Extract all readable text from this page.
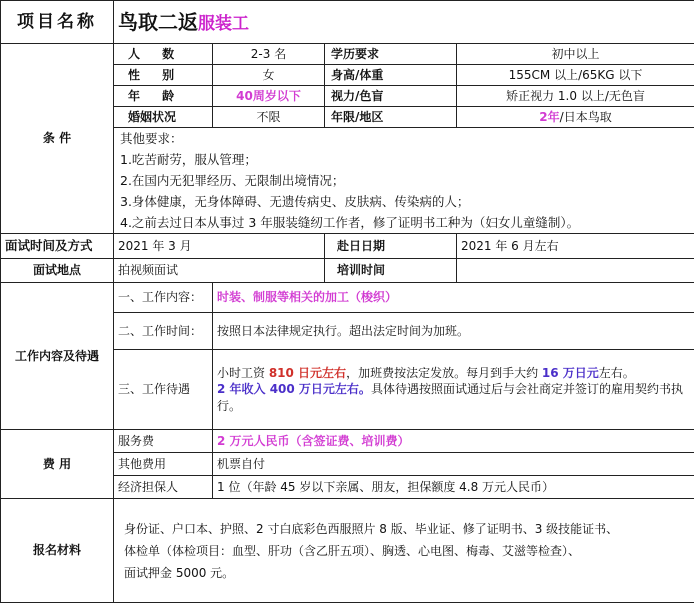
项目名称	鸟取二返服装工			
条 件	人 数	2-3 名	学历要求	初中以上
	性 别	女	身高/体重	155CM 以上/65KG 以下
	年 龄	40周岁以下	视力/色盲	矫正视力 1.0 以上/无色盲
	婚姻状况	不限	年限/地区	2年/日本鸟取

	其他要求：
1.吃苦耐劳，服从管理；
2.在国内无犯罪经历、无限制出境情况；
3.身体健康，无身体障碍、无遗传病史、皮肤病、传染病的人；
4.之前去过日本从事过 3 年服装缝纫工作者，修了证明书工种为（妇女儿童缝制）。			

面试时间及方式	2021 年 3 月		赴日日期	2021 年 6 月左右
面试地点	拍视频面试		培训时间	
工作内容及待遇	一、工作内容：	时装、制服等相关的加工（梭织）		
	二、工作时间：	按照日本法律规定执行。超出法定时间为加班。		
	三、工作待遇	小时工资 810 日元左右，加班费按法定发放。每月到手大约 16 万日元左右。
2 年收入 400 万日元左右。具体待遇按照面试通过后与会社商定并签订的雇用契约书执行。		
费 用	服务费	2 万元人民币（含签证费、培训费）		
	其他费用	机票自付		
	经济担保人	1 位（年龄 45 岁以下亲属、朋友，担保额度 4.8 万元人民币）		
报名材料	身份证、户口本、护照、2 寸白底彩色西服照片 8 版、毕业证、修了证明书、3 级技能证书、
体检单（体检项目：血型、肝功（含乙肝五项）、胸透、心电图、梅毒、艾滋等检查）、
面试押金 5000 元。			
